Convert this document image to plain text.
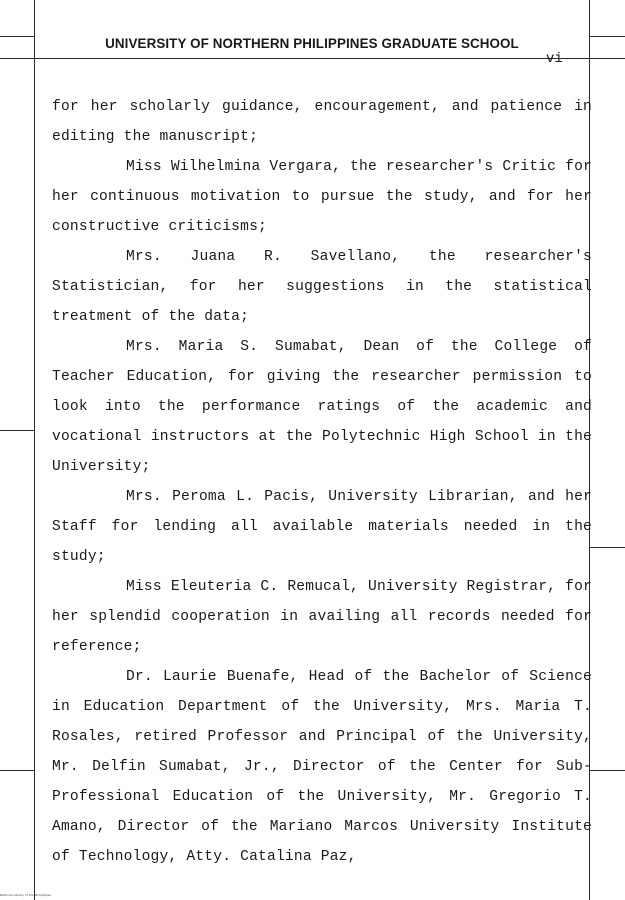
UNIVERSITY OF NORTHERN PHILIPPINES GRADUATE SCHOOL
vi

for her scholarly guidance, encouragement, and patience in editing the manuscript;

Miss Wilhelmina Vergara, the researcher's Critic for her continuous motivation to pursue the study, and for her constructive criticisms;

Mrs. Juana R. Savellano, the researcher's Statistician, for her suggestions in the statistical treatment of the data;

Mrs. Maria S. Sumabat, Dean of the College of Teacher Education, for giving the researcher permission to look into the performance ratings of the academic and vocational instructors at the Polytechnic High School in the University;

Mrs. Peroma L. Pacis, University Librarian, and her Staff for lending all available materials needed in the study;

Miss Eleuteria C. Remucal, University Registrar, for her splendid cooperation in availing all records needed for reference;

Dr. Laurie Buenafe, Head of the Bachelor of Science in Education Department of the University, Mrs. Maria T. Rosales, retired Professor and Principal of the University, Mr. Delfin Sumabat, Jr., Director of the Center for Sub-Professional Education of the University, Mr. Gregorio T. Amano, Director of the Mariano Marcos University Institute of Technology, Atty. Catalina Paz,

National Library of the Philippines
